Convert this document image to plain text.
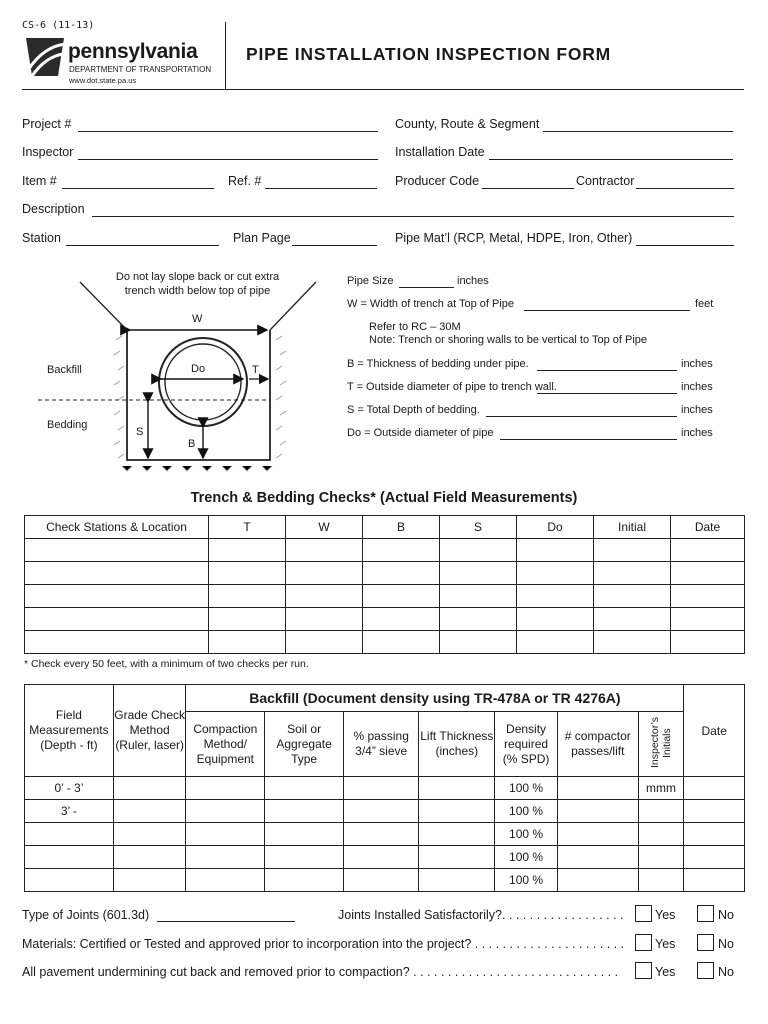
CS-6 (11-13)
pennsylvania
DEPARTMENT OF TRANSPORTATION
www.dot.state.pa.us
PIPE INSTALLATION INSPECTION FORM
Project #	County, Route & Segment
Inspector	Installation Date
Item #	Ref. #	Producer Code	Contractor
Description
Station	Plan Page	Pipe Mat’l (RCP, Metal, HDPE, Iron, Other)
Do not lay slope back or cut extra trench width below top of pipe
W
Do	T
S
B
Backfill
Bedding
Pipe Size	inches
W = Width of trench at Top of Pipe	feet
Refer to RC – 30M
Note: Trench or shoring walls to be vertical to Top of Pipe
B = Thickness of bedding under pipe.	inches
T = Outside diameter of pipe to trench wall.	inches
S = Total Depth of bedding.	inches
Do = Outside diameter of pipe	inches
Trench & Bedding Checks* (Actual Field Measurements)
Check Stations & Location	T	W	B	S	Do	Initial	Date

* Check every 50 feet, with a minimum of two checks per run.
Field Measurements (Depth - ft)	Grade Check Method (Ruler, laser)	Backfill (Document density using TR-478A or TR 4276A)							Date
		Compaction Method/ Equipment	Soil or Aggregate Type	% passing 3/4” sieve	Lift Thickness (inches)	Density required (% SPD)	# compactor passes/lift	Inspector’s Initials	
0’ - 3’						100 %		mmm	
3’ -						100 %			
						100 %			
						100 %			
						100 %			
Type of Joints (601.3d)	Joints Installed Satisfactorily?. . . . . . . . . . . . . . . . . .	Yes	No
Materials: Certified or Tested and approved prior to incorporation into the project? . . . . . . . . . . . . . . . . . . . . . . Yes	No
All pavement undermining cut back and removed prior to compaction? . . . . . . . . . . . . . . . . . . . . . . . . . . . . . .	Yes	No
